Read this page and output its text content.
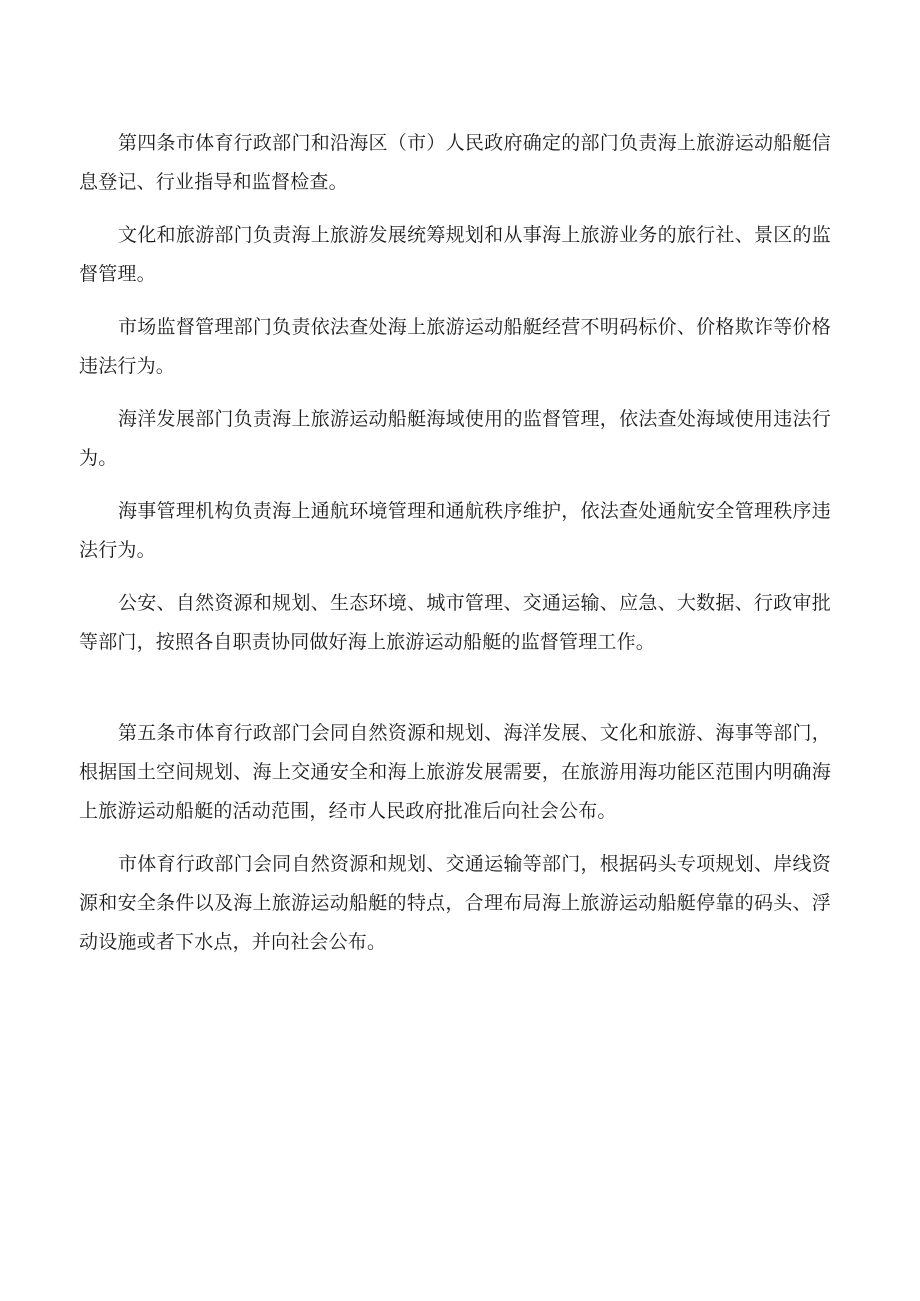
第四条市体育行政部门和沿海区（市）人民政府确定的部门负责海上旅游运动船艇信息登记、行业指导和监督检查。

文化和旅游部门负责海上旅游发展统筹规划和从事海上旅游业务的旅行社、景区的监督管理。

市场监督管理部门负责依法查处海上旅游运动船艇经营不明码标价、价格欺诈等价格违法行为。

海洋发展部门负责海上旅游运动船艇海域使用的监督管理，依法查处海域使用违法行为。

海事管理机构负责海上通航环境管理和通航秩序维护，依法查处通航安全管理秩序违法行为。

公安、自然资源和规划、生态环境、城市管理、交通运输、应急、大数据、行政审批等部门，按照各自职责协同做好海上旅游运动船艇的监督管理工作。

第五条市体育行政部门会同自然资源和规划、海洋发展、文化和旅游、海事等部门，根据国土空间规划、海上交通安全和海上旅游发展需要，在旅游用海功能区范围内明确海上旅游运动船艇的活动范围，经市人民政府批准后向社会公布。

市体育行政部门会同自然资源和规划、交通运输等部门，根据码头专项规划、岸线资源和安全条件以及海上旅游运动船艇的特点，合理布局海上旅游运动船艇停靠的码头、浮动设施或者下水点，并向社会公布。
